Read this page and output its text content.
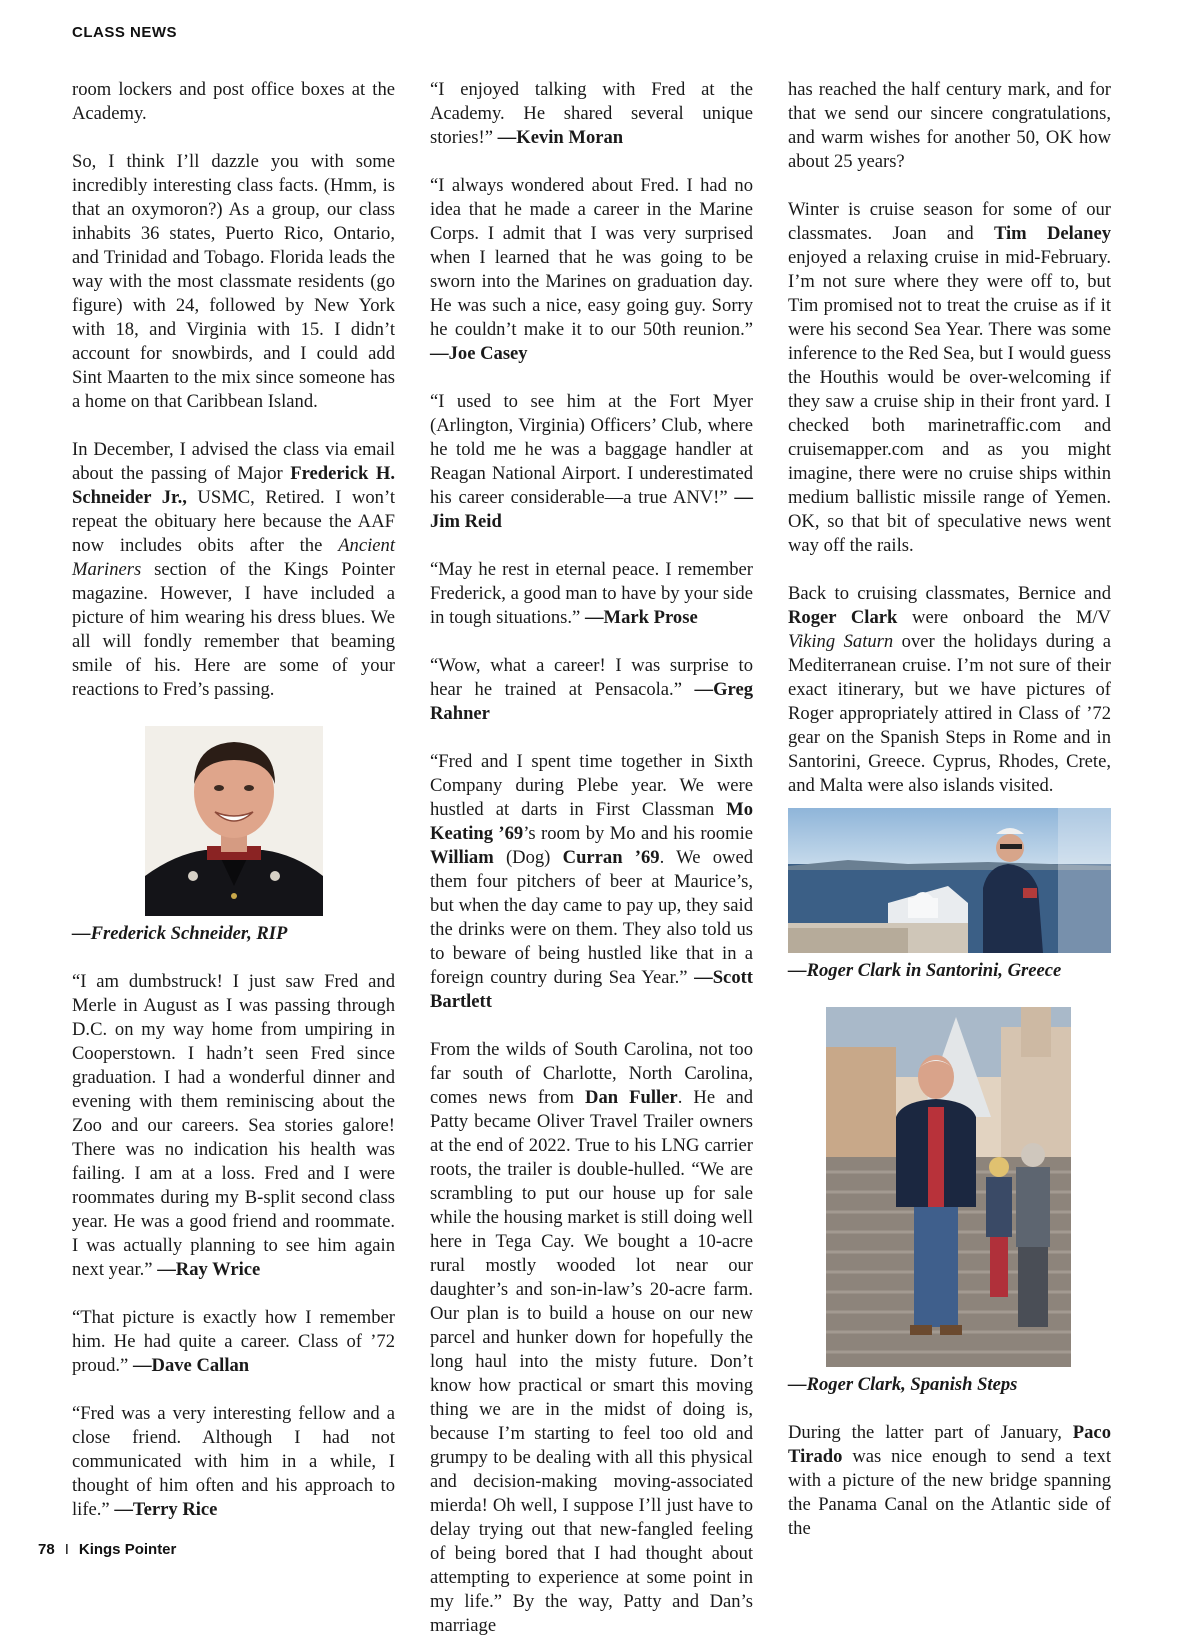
CLASS NEWS

room lockers and post office boxes at the Academy.

So, I think I’ll dazzle you with some incredibly interesting class facts. (Hmm, is that an oxymoron?) As a group, our class inhabits 36 states, Puerto Rico, Ontario, and Trinidad and Tobago. Florida leads the way with the most classmate residents (go figure) with 24, followed by New York with 18, and Virginia with 15. I didn’t account for snowbirds, and I could add Sint Maarten to the mix since someone has a home on that Caribbean Island.

In December, I advised the class via email about the passing of Major Frederick H. Schneider Jr., USMC, Retired. I won’t repeat the obituary here because the AAF now includes obits after the Ancient Mariners section of the Kings Pointer magazine. However, I have included a picture of him wearing his dress blues. We all will fondly remember that beaming smile of his. Here are some of your reactions to Fred’s passing.

—Frederick Schneider, RIP

“I am dumbstruck! I just saw Fred and Merle in August as I was passing through D.C. on my way home from umpiring in Cooperstown. I hadn’t seen Fred since graduation. I had a wonderful dinner and evening with them reminiscing about the Zoo and our careers. Sea stories galore! There was no indication his health was failing. I am at a loss. Fred and I were roommates during my B-split second class year. He was a good friend and roommate. I was actually planning to see him again next year.” —Ray Wrice

“That picture is exactly how I remember him. He had quite a career. Class of ’72 proud.” —Dave Callan

“Fred was a very interesting fellow and a close friend. Although I had not communicated with him in a while, I thought of him often and his approach to life.” —Terry Rice

“I enjoyed talking with Fred at the Academy. He shared several unique stories!” —Kevin Moran

“I always wondered about Fred. I had no idea that he made a career in the Marine Corps. I admit that I was very surprised when I learned that he was going to be sworn into the Marines on graduation day. He was such a nice, easy going guy. Sorry he couldn’t make it to our 50th reunion.” —Joe Casey

“I used to see him at the Fort Myer (Arlington, Virginia) Officers’ Club, where he told me he was a baggage handler at Reagan National Airport. I underestimated his career considerable—a true ANV!” —Jim Reid

“May he rest in eternal peace. I remember Frederick, a good man to have by your side in tough situations.” —Mark Prose

“Wow, what a career! I was surprise to hear he trained at Pensacola.” —Greg Rahner

“Fred and I spent time together in Sixth Company during Plebe year. We were hustled at darts in First Classman Mo Keating ’69’s room by Mo and his roomie William (Dog) Curran ’69. We owed them four pitchers of beer at Maurice’s, but when the day came to pay up, they said the drinks were on them. They also told us to beware of being hustled like that in a foreign country during Sea Year.” —Scott Bartlett

From the wilds of South Carolina, not too far south of Charlotte, North Carolina, comes news from Dan Fuller. He and Patty became Oliver Travel Trailer owners at the end of 2022. True to his LNG carrier roots, the trailer is double-hulled. “We are scrambling to put our house up for sale while the housing market is still doing well here in Tega Cay. We bought a 10-acre rural mostly wooded lot near our daughter’s and son-in-law’s 20-acre farm. Our plan is to build a house on our new parcel and hunker down for hopefully the long haul into the misty future. Don’t know how practical or smart this moving thing we are in the midst of doing is, because I’m starting to feel too old and grumpy to be dealing with all this physical and decision-making moving-associated mierda! Oh well, I suppose I’ll just have to delay trying out that new-fangled feeling of being bored that I had thought about attempting to experience at some point in my life.” By the way, Patty and Dan’s marriage

has reached the half century mark, and for that we send our sincere congratulations, and warm wishes for another 50, OK how about 25 years?

Winter is cruise season for some of our classmates. Joan and Tim Delaney enjoyed a relaxing cruise in mid-February. I’m not sure where they were off to, but Tim promised not to treat the cruise as if it were his second Sea Year. There was some inference to the Red Sea, but I would guess the Houthis would be over-welcoming if they saw a cruise ship in their front yard. I checked both marinetraffic.com and cruisemapper.com and as you might imagine, there were no cruise ships within medium ballistic missile range of Yemen. OK, so that bit of speculative news went way off the rails.

Back to cruising classmates, Bernice and Roger Clark were onboard the M/V Viking Saturn over the holidays during a Mediterranean cruise. I’m not sure of their exact itinerary, but we have pictures of Roger appropriately attired in Class of ’72 gear on the Spanish Steps in Rome and in Santorini, Greece. Cyprus, Rhodes, Crete, and Malta were also islands visited.

—Roger Clark in Santorini, Greece
—Roger Clark, Spanish Steps

During the latter part of January, Paco Tirado was nice enough to send a text with a picture of the new bridge spanning the Panama Canal on the Atlantic side of the

78 I Kings Pointer
